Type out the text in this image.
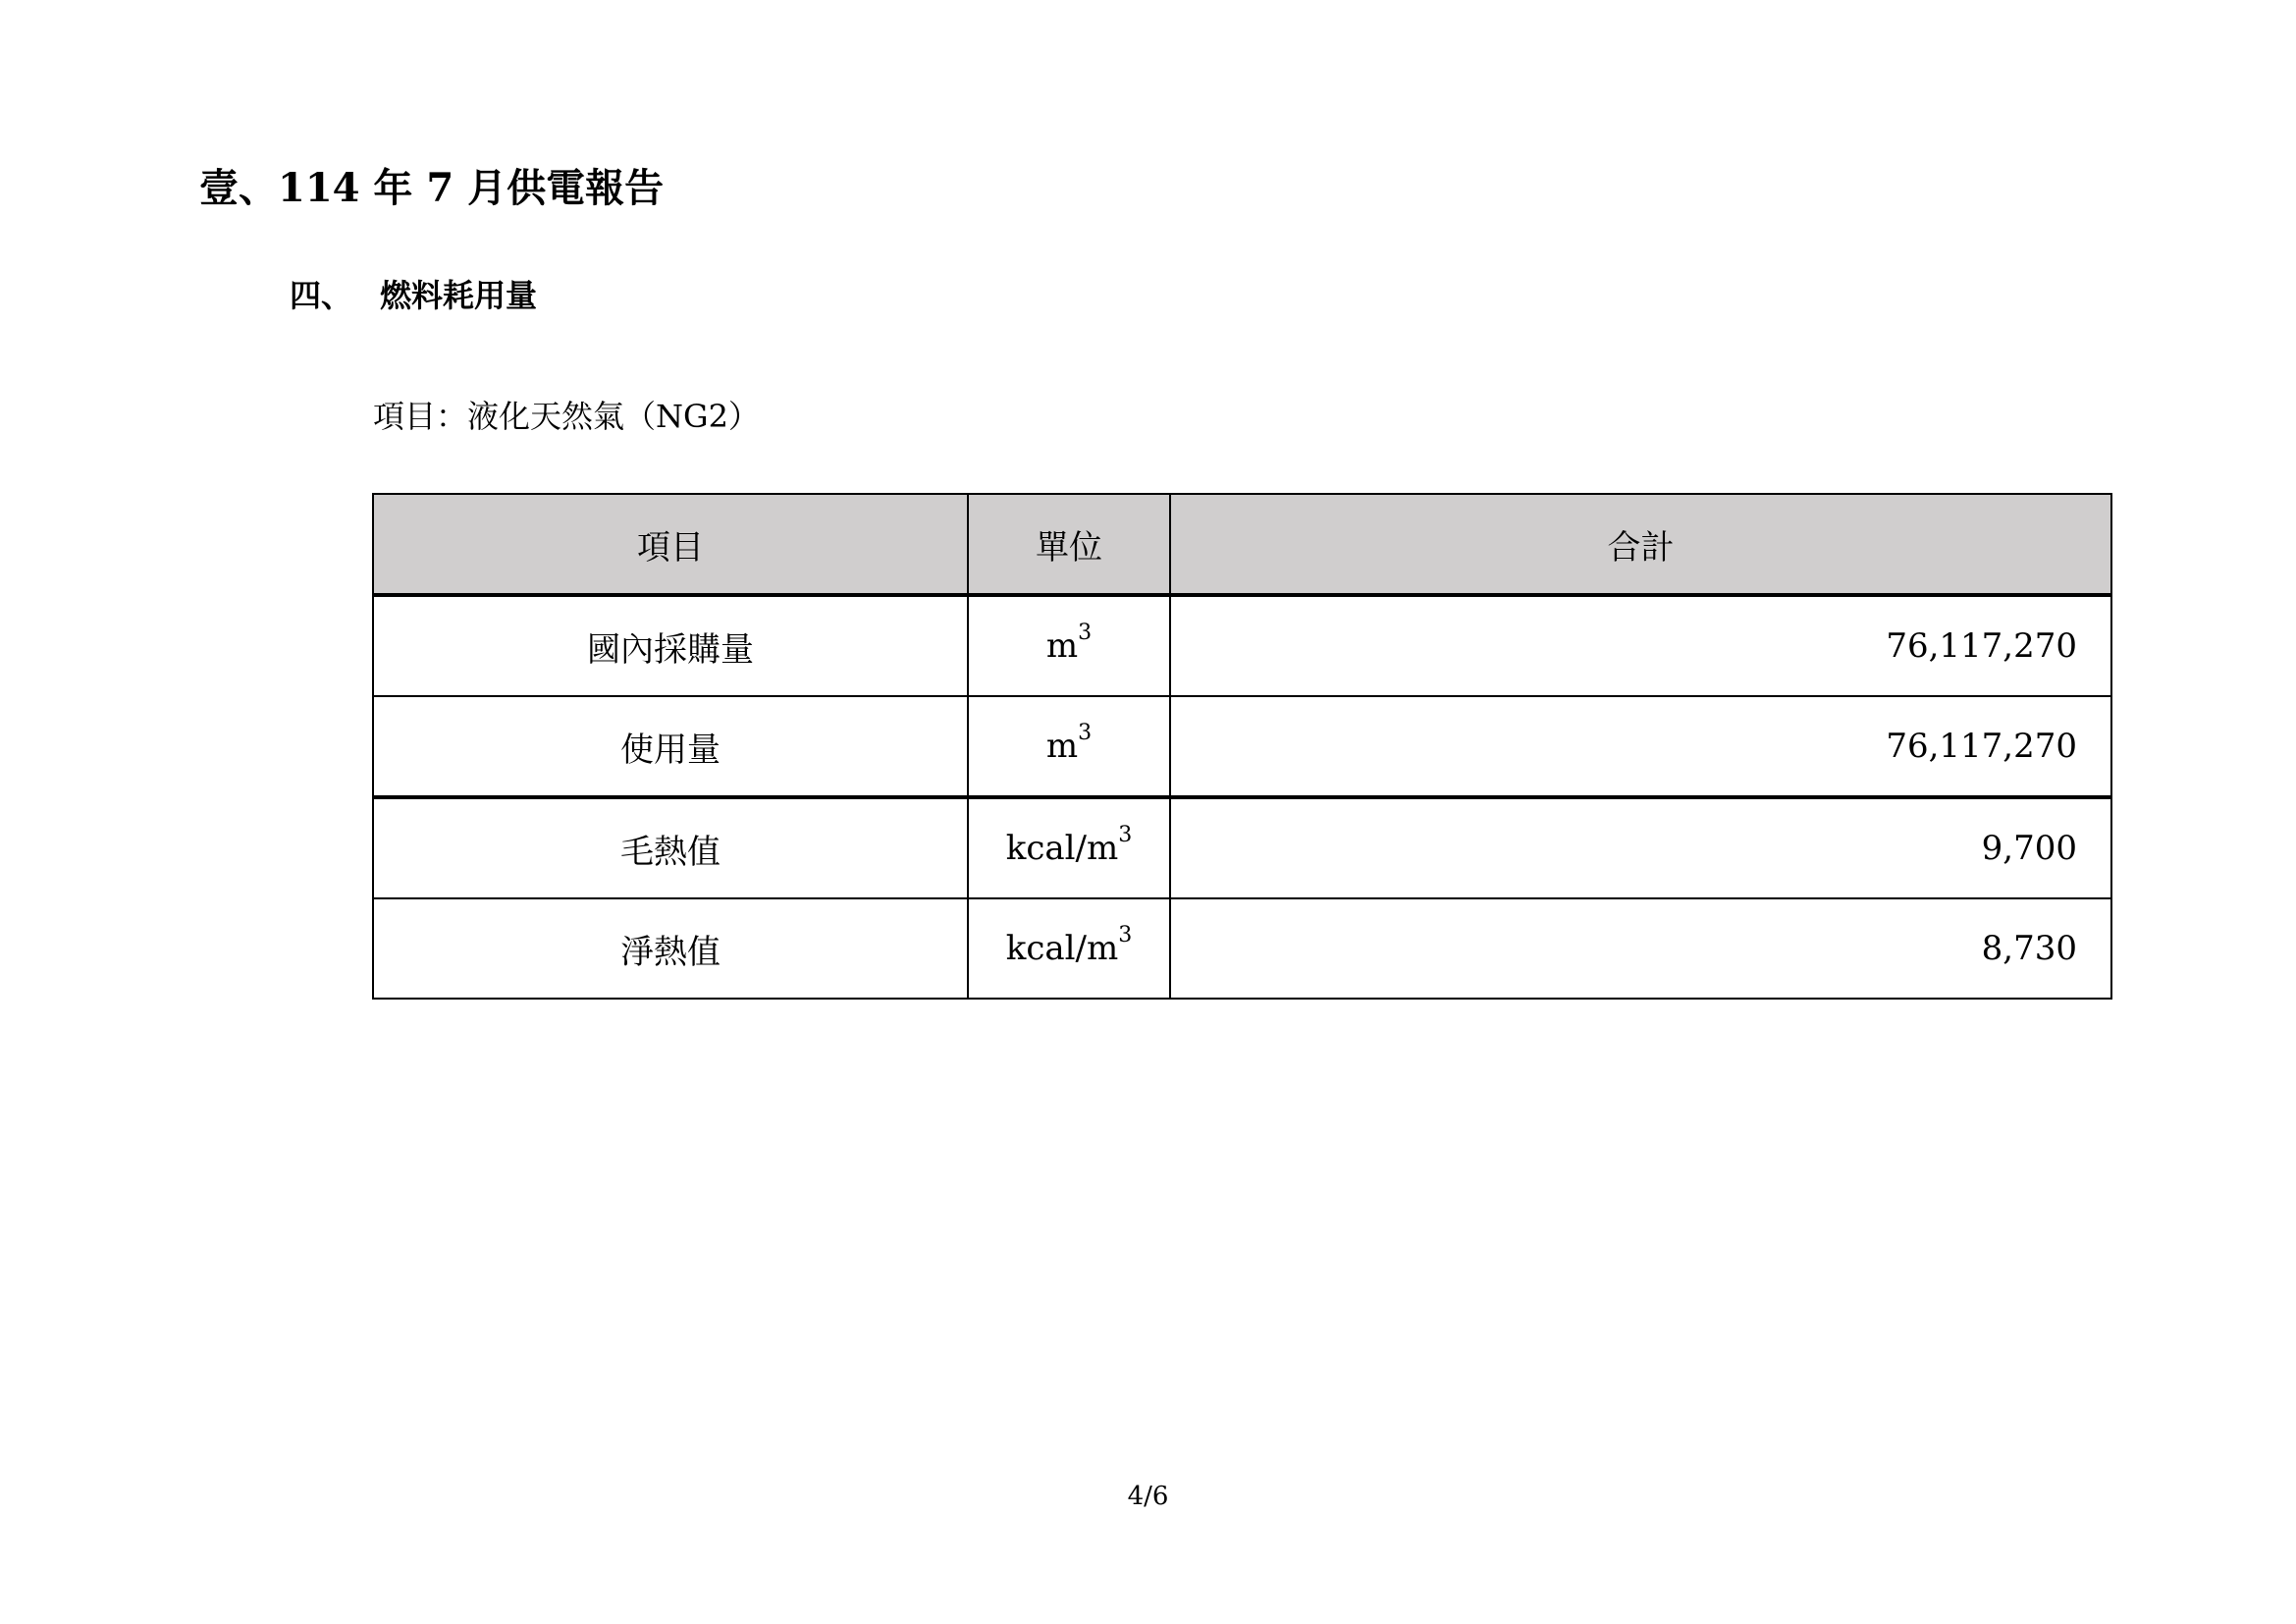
壹、114 年 7 月供電報告
四、 燃料耗用量
項目：液化天然氣（NG2）
項目	單位	合計
國內採購量	$m^3$	76,117,270
使用量	$m^3$	76,117,270
毛熱值	kcal/$m^3$	9,700
淨熱值	kcal/$m^3$	8,730
4/6
